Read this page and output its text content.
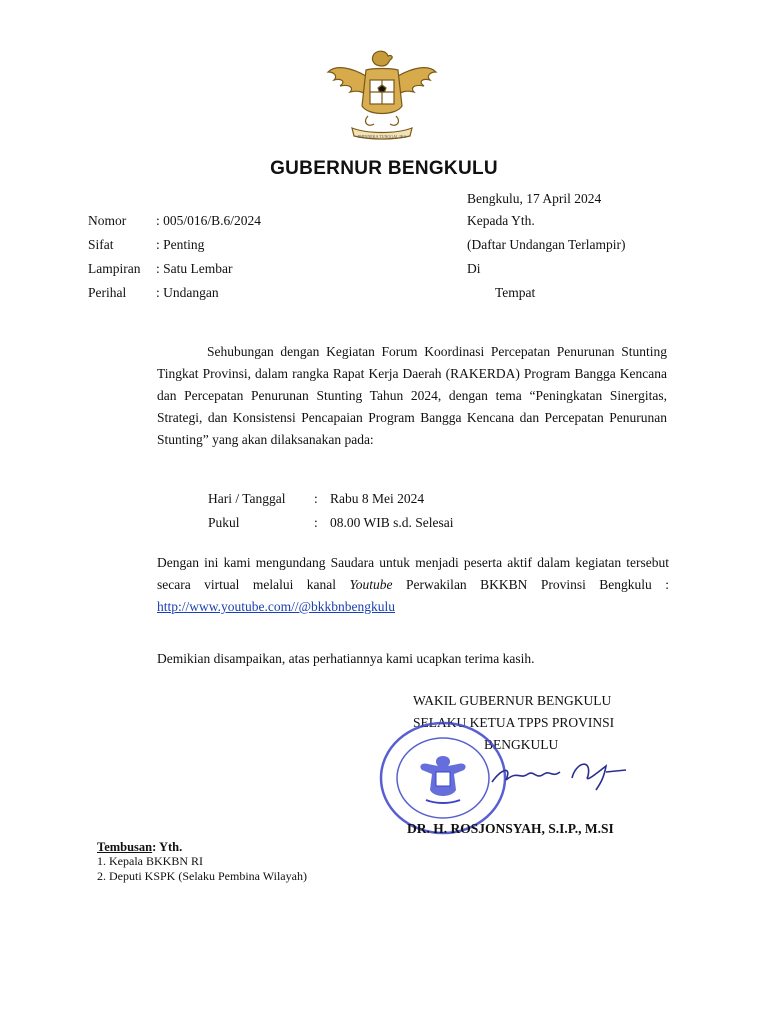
BHINNEKA TUNGGAL IKA
GUBERNUR BENGKULU
Bengkulu, 17 April 2024
Nomor : 005/016/B.6/2024
Sifat	: Penting
Lampiran : Satu Lembar
Perihal : Undangan
Kepada Yth.
(Daftar Undangan Terlampir)
Di
Tempat
Sehubungan dengan Kegiatan Forum Koordinasi Percepatan Penurunan Stunting Tingkat Provinsi, dalam rangka Rapat Kerja Daerah (RAKERDA) Program Bangga Kencana dan Percepatan Penurunan Stunting Tahun 2024, dengan tema “Peningkatan Sinergitas, Strategi, dan Konsistensi Pencapaian Program Bangga Kencana dan Percepatan Penurunan Stunting” yang akan dilaksanakan pada:
Hari / Tanggal : Rabu 8 Mei 2024
Pukul	: 08.00 WIB s.d. Selesai
Dengan ini kami mengundang Saudara untuk menjadi peserta aktif dalam kegiatan tersebut secara virtual melalui kanal Youtube Perwakilan BKKBN Provinsi Bengkulu : http://www.youtube.com//@bkkbnbengkulu
Demikian disampaikan, atas perhatiannya kami ucapkan terima kasih.
WAKIL GUBERNUR BENGKULU
SELAKU KETUA TPPS PROVINSI
BENGKULU
DR. H. ROSJONSYAH, S.I.P., M.SI
Tembusan: Yth.
1. Kepala BKKBN RI
2. Deputi KSPK (Selaku Pembina Wilayah)
